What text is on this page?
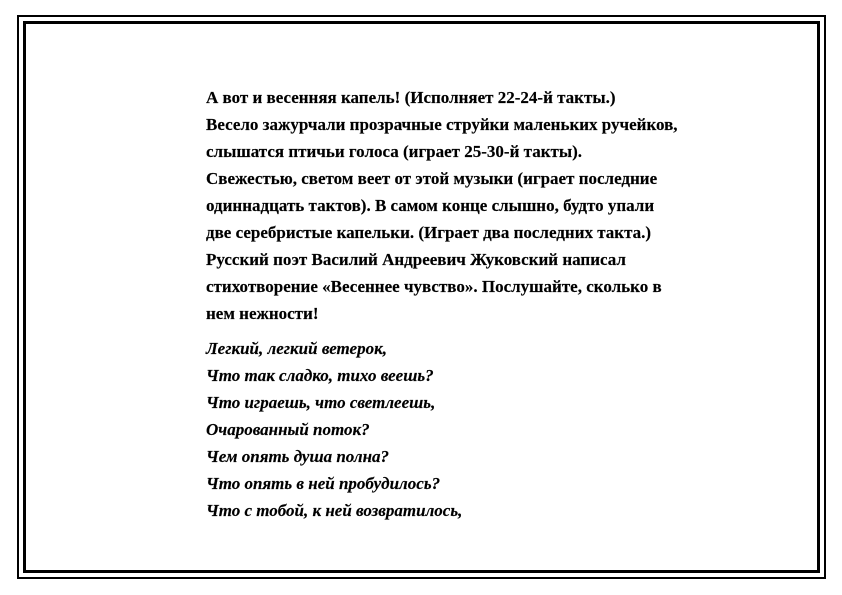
А вот и весенняя капель! (Исполняет 22-24-й такты.)
Весело зажурчали прозрачные струйки маленьких ручейков,
слышатся птичьи голоса (играет 25-30-й такты).
Свежестью, светом веет от этой музыки (играет последние
одиннадцать тактов). В самом конце слышно, будто упали
две серебристые капельки. (Играет два последних такта.)
Русский поэт Василий Андреевич Жуковский написал
стихотворение «Весеннее чувство». Послушайте, сколько в
нем нежности!
Легкий, легкий ветерок,
Что так сладко, тихо веешь?
Что играешь, что светлеешь,
Очарованный поток?
Чем опять душа полна?
Что опять в ней пробудилось?
Что с тобой, к ней возвратилось,
